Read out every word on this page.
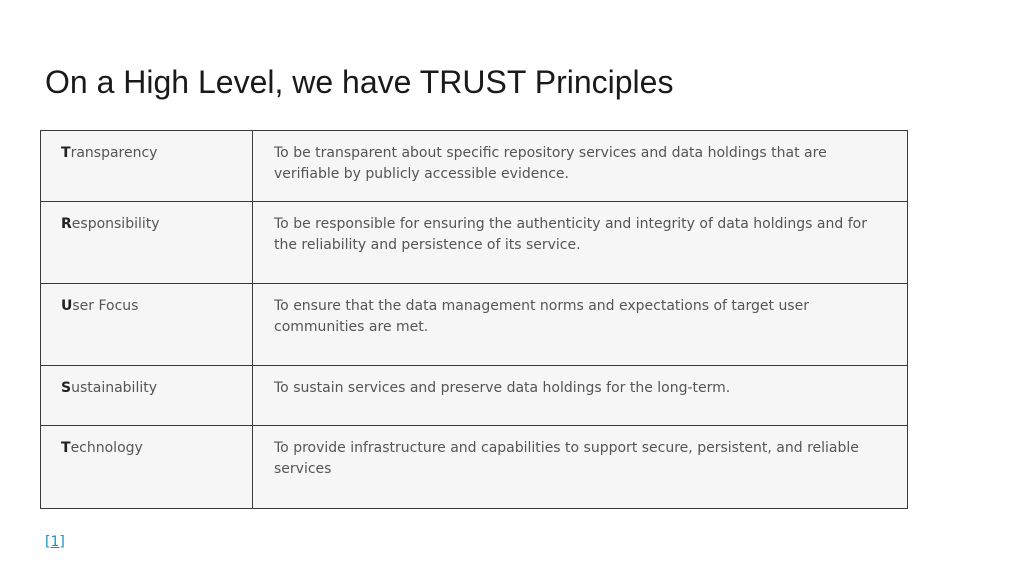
On a High Level, we have TRUST Principles
Transparency	To be transparent about specific repository services and data holdings that are verifiable by publicly accessible evidence.
Responsibility	To be responsible for ensuring the authenticity and integrity of data holdings and for the reliability and persistence of its service.
User Focus	To ensure that the data management norms and expectations of target user communities are met.
Sustainability	To sustain services and preserve data holdings for the long-term.
Technology	To provide infrastructure and capabilities to support secure, persistent, and reliable services
[1]
